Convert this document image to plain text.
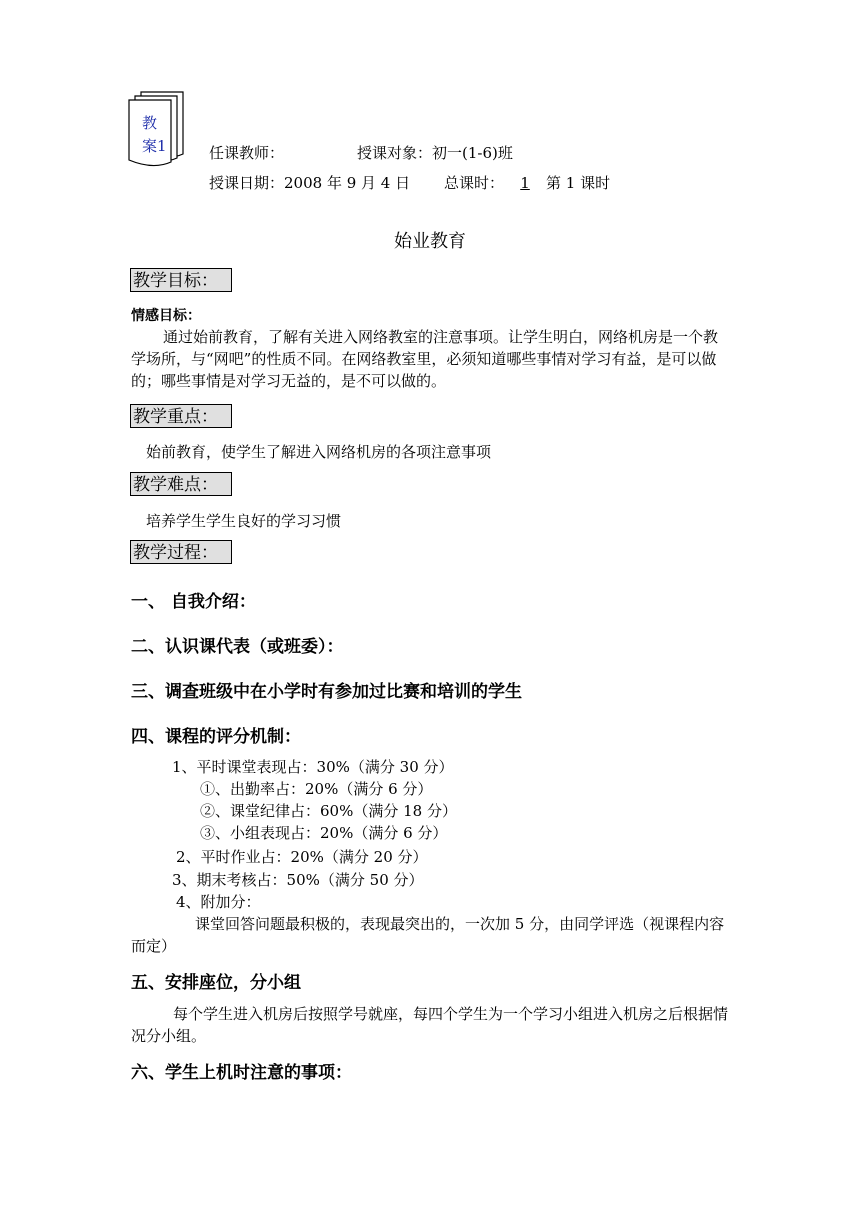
教
案1	任课教师：	授课对象：初一(1-6)班
授课日期：2008 年 9 月 4 日 总课时： 1 第 1 课时
始业教育
教学目标：
情感目标：
通过始前教育，了解有关进入网络教室的注意事项。让学生明白，网络机房是一个教学场所，与“网吧”的性质不同。在网络教室里，必须知道哪些事情对学习有益，是可以做的；哪些事情是对学习无益的，是不可以做的。
教学重点：
始前教育，使学生了解进入网络机房的各项注意事项
教学难点：
培养学生学生良好的学习习惯
教学过程：
一、 自我介绍：
二、认识课代表（或班委）：
三、调查班级中在小学时有参加过比赛和培训的学生
四、课程的评分机制：
1、平时课堂表现占：30%（满分 30 分）
①、出勤率占：20%（满分 6 分）
②、课堂纪律占：60%（满分 18 分）
③、小组表现占：20%（满分 6 分）
2、平时作业占：20%（满分 20 分）
3、期末考核占：50%（满分 50 分）
4、附加分：
课堂回答问题最积极的，表现最突出的，一次加 5 分，由同学评选（视课程内容而定）
五、安排座位，分小组
每个学生进入机房后按照学号就座，每四个学生为一个学习小组进入机房之后根据情况分小组。
六、学生上机时注意的事项：
